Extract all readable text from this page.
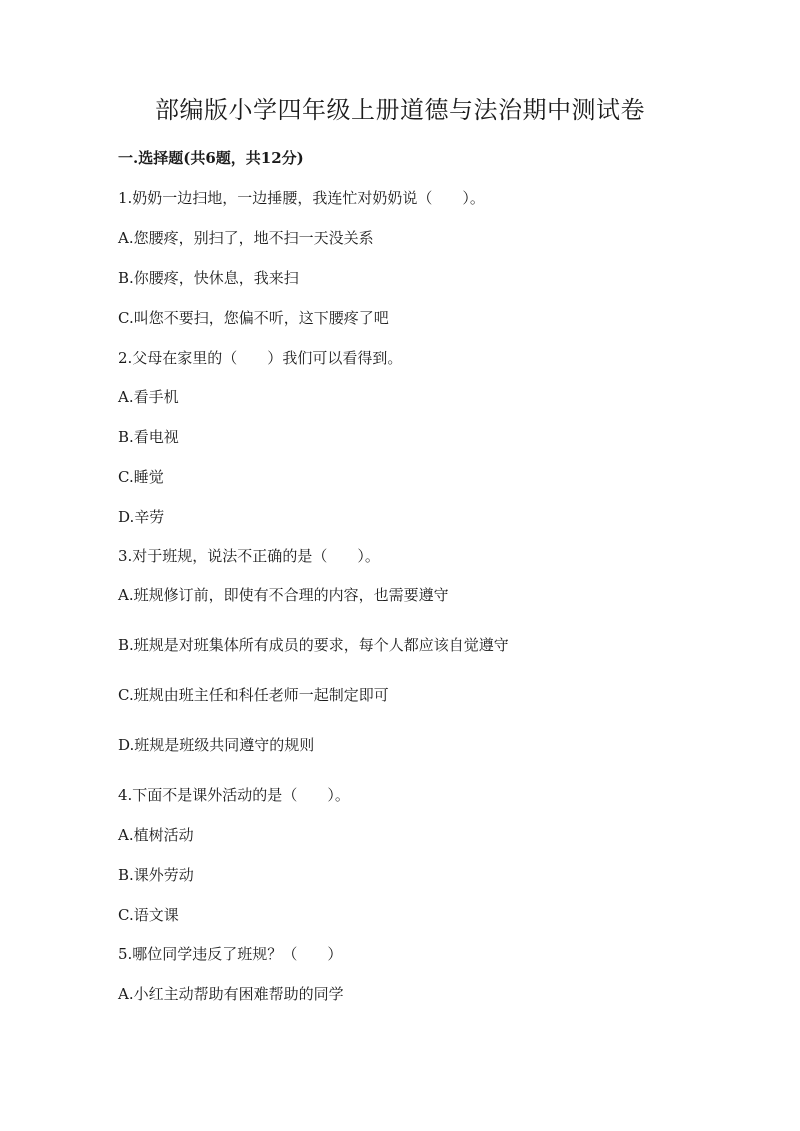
部编版小学四年级上册道德与法治期中测试卷
一.选择题(共6题，共12分)
1.奶奶一边扫地，一边捶腰，我连忙对奶奶说（　　）。
A.您腰疼，别扫了，地不扫一天没关系
B.你腰疼，快休息，我来扫
C.叫您不要扫，您偏不听，这下腰疼了吧
2.父母在家里的（　　）我们可以看得到。
A.看手机
B.看电视
C.睡觉
D.辛劳
3.对于班规，说法不正确的是（　　）。
A.班规修订前，即使有不合理的内容，也需要遵守
B.班规是对班集体所有成员的要求，每个人都应该自觉遵守
C.班规由班主任和科任老师一起制定即可
D.班规是班级共同遵守的规则
4.下面不是课外活动的是（　　）。
A.植树活动
B.课外劳动
C.语文课
5.哪位同学违反了班规？（　　）
A.小红主动帮助有困难帮助的同学
